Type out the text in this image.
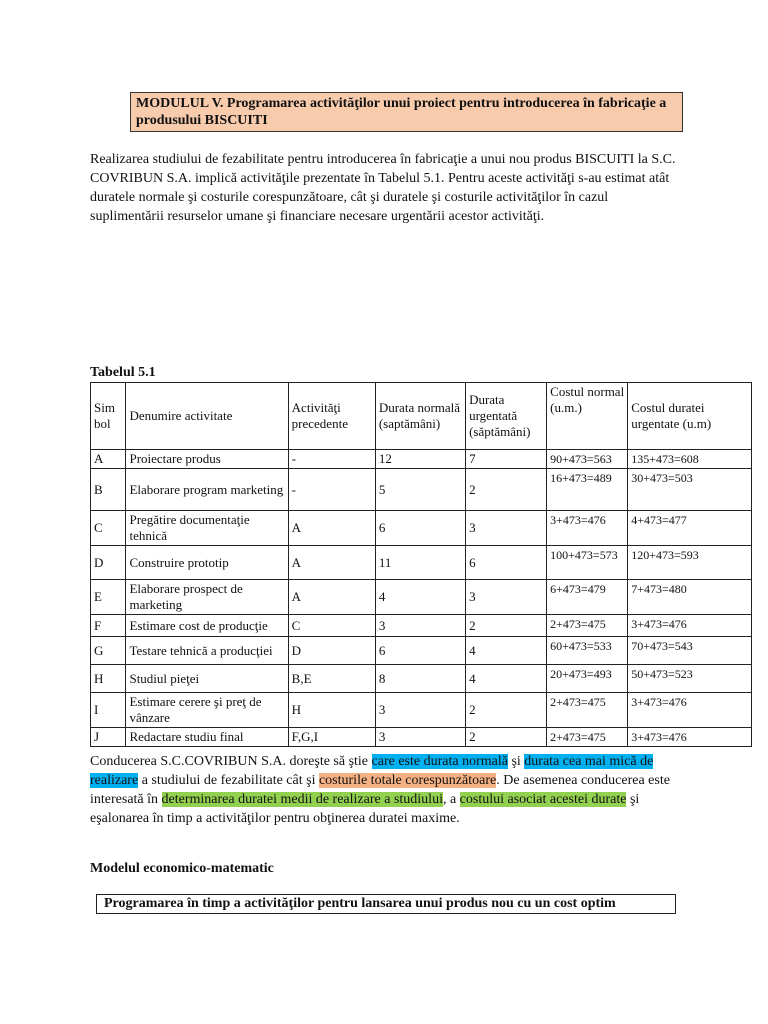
MODULUL V. Programarea activităţilor unui proiect pentru introducerea în fabricaţie a produsului BISCUITI

Realizarea studiului de fezabilitate pentru introducerea în fabricaţie a unui nou produs BISCUITI la S.C. COVRIBUN S.A. implică activităţile prezentate în Tabelul 5.1. Pentru aceste activităţi s-au estimat atât duratele normale şi costurile corespunzătoare, cât şi duratele şi costurile activităţilor în cazul suplimentării resurselor umane şi financiare necesare urgentării acestor activităţi.

Tabelul 5.1
Sim bol	Denumire activitate	Activităţi precedente	Durata normală (saptămâni)	Durata urgentată (săptămâni)	Costul normal (u.m.)	Costul duratei urgentate (u.m)
A	Proiectare produs	-	12	7	90+473=563	135+473=608
B	Elaborare program marketing	-	5	2	16+473=489	30+473=503
C	Pregătire documentaţie tehnică	A	6	3	3+473=476	4+473=477
D	Construire prototip	A	11	6	100+473=573	120+473=593
E	Elaborare prospect de marketing	A	4	3	6+473=479	7+473=480
F	Estimare cost de producţie	C	3	2	2+473=475	3+473=476
G	Testare tehnică a producţiei	D	6	4	60+473=533	70+473=543
H	Studiul pieţei	B,E	8	4	20+473=493	50+473=523
I	Estimare cerere şi preţ de vânzare	H	3	2	2+473=475	3+473=476
J	Redactare studiu final	F,G,I	3	2	2+473=475	3+473=476

Conducerea S.C.COVRIBUN S.A. doreşte să ştie care este durata normală şi durata cea mai mică de realizare a studiului de fezabilitate cât şi costurile totale corespunzătoare. De asemenea conducerea este interesată în determinarea duratei medii de realizare a studiului, a costului asociat acestei durate şi eşalonarea în timp a activităţilor pentru obţinerea duratei maxime.

Modelul economico-matematic
Programarea în timp a activităţilor pentru lansarea unui produs nou cu un cost optim
